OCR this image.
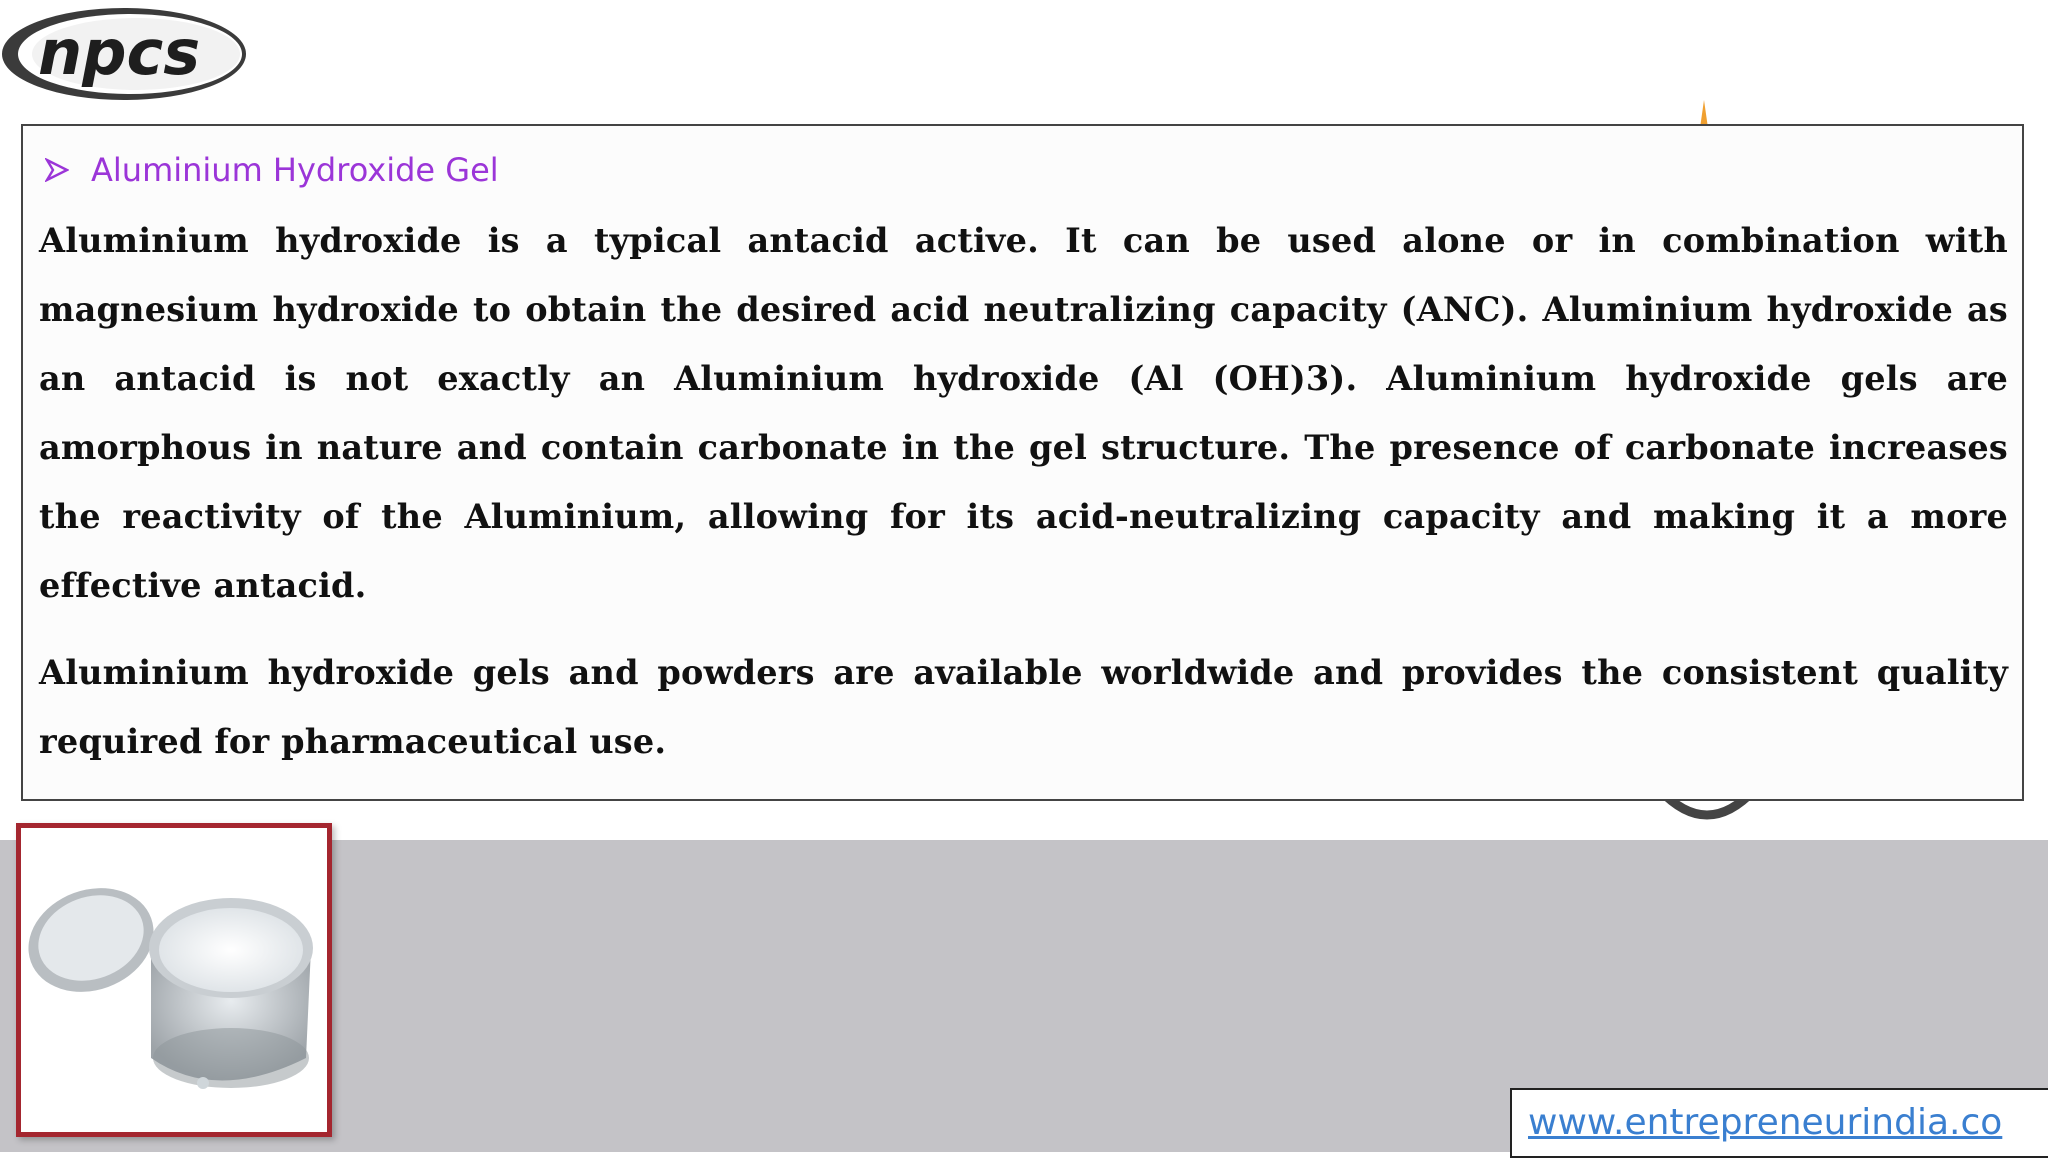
npcs
Aluminium Hydroxide Gel

Aluminium hydroxide is a typical antacid active. It can be used alone or in combination with magnesium hydroxide to obtain the desired acid neutralizing capacity (ANC). Aluminium hydroxide as an antacid is not exactly an Aluminium hydroxide (Al (OH)3). Aluminium hydroxide gels are amorphous in nature and contain carbonate in the gel structure. The presence of carbonate increases the reactivity of the Aluminium, allowing for its acid-neutralizing capacity and making it a more effective antacid.

Aluminium hydroxide gels and powders are available worldwide and provides the consistent quality required for pharmaceutical use.

www.entrepreneurindia.co
